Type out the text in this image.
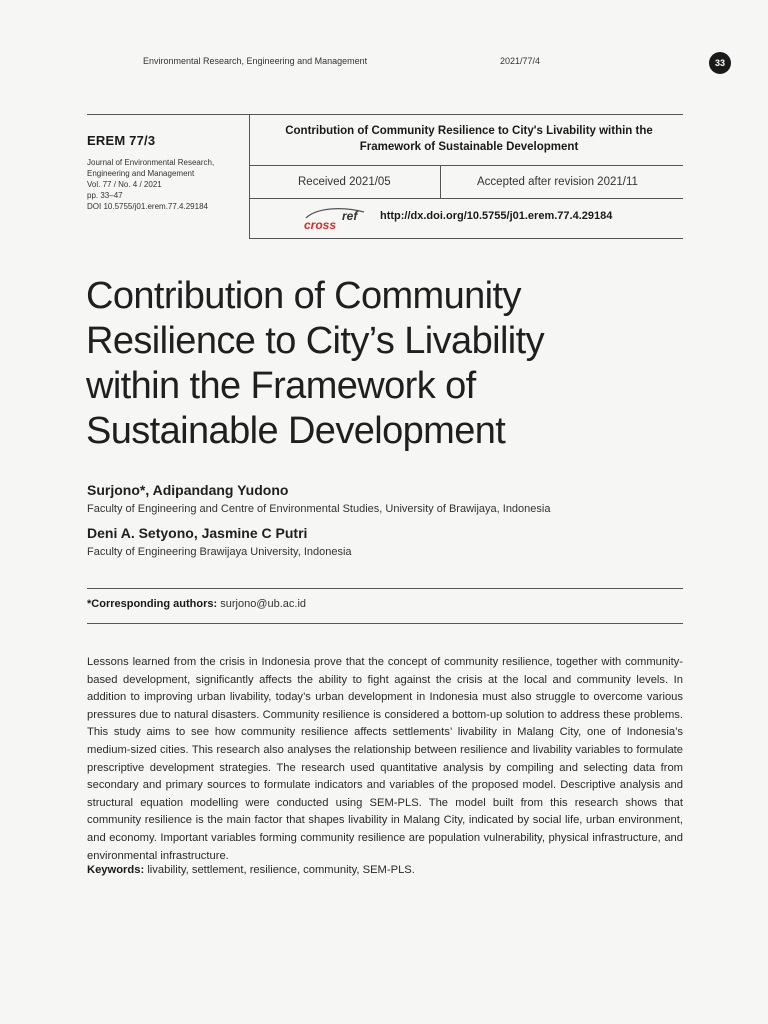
Environmental Research, Engineering and Management	2021/77/4	33
EREM 77/3
Journal of Environmental Research,
Engineering and Management
Vol. 77 / No. 4 / 2021
pp. 33–47
DOI 10.5755/j01.erem.77.4.29184
Contribution of Community Resilience to City's Livability within the
Framework of Sustainable Development
Received 2021/05	Accepted after revision 2021/11
cross
ref http://dx.doi.org/10.5755/j01.erem.77.4.29184
Contribution of Community
Resilience to City’s Livability
within the Framework of
Sustainable Development
Surjono*, Adipandang Yudono
Faculty of Engineering and Centre of Environmental Studies, University of Brawijaya, Indonesia
Deni A. Setyono, Jasmine C Putri
Faculty of Engineering Brawijaya University, Indonesia
*Corresponding authors: surjono@ub.ac.id

Lessons learned from the crisis in Indonesia prove that the concept of community resilience, together with community-based development, significantly affects the ability to fight against the crisis at the local and community levels. In addition to improving urban livability, today’s urban development in Indonesia must also struggle to overcome various pressures due to natural disasters. Community resilience is considered a bottom-up solution to address these problems. This study aims to see how community resilience affects settlements’ livability in Malang City, one of Indonesia’s medium-sized cities. This research also analyses the relationship between resilience and livability variables to formulate prescriptive development strategies. The research used quantitative analysis by compiling and selecting data from secondary and primary sources to formulate indicators and variables of the proposed model. Descriptive analysis and structural equation modelling were conducted using SEM-PLS. The model built from this research shows that community resilience is the main factor that shapes livability in Malang City, indicated by social life, urban environment, and economy. Important variables forming community resilience are population vulnerability, physical infrastructure, and environmental infrastructure.

Keywords: livability, settlement, resilience, community, SEM-PLS.
